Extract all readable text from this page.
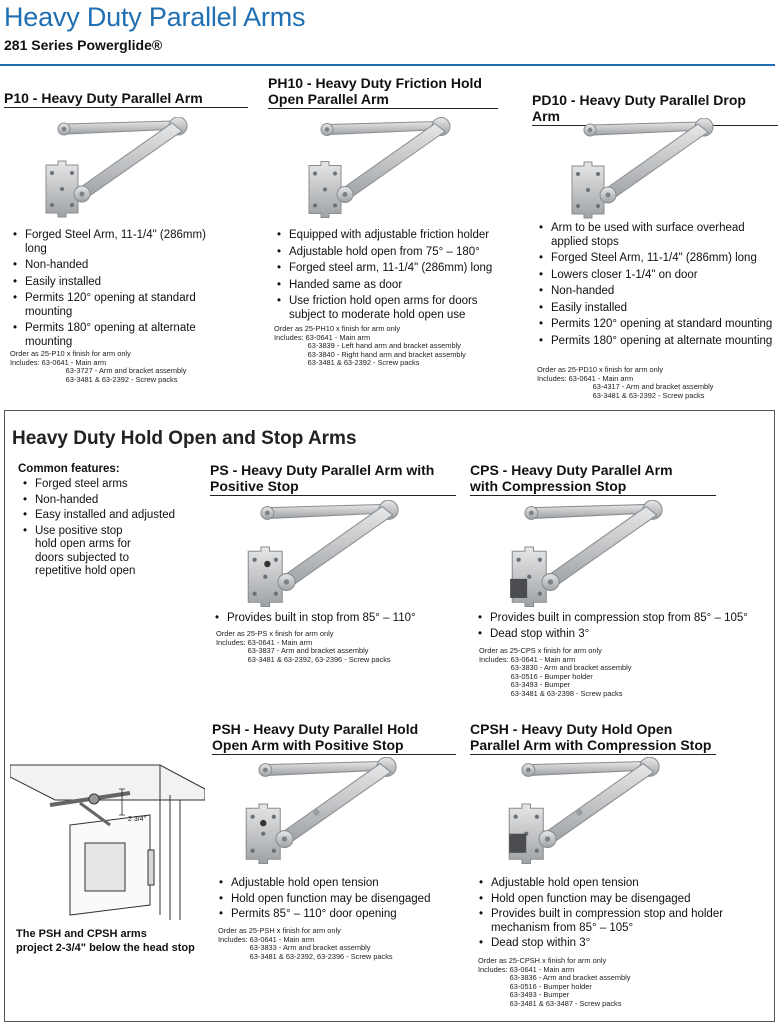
Heavy Duty Parallel Arms
281 Series Powerglide®
P10 - Heavy Duty Parallel Arm
• Forged Steel Arm, 11-1/4" (286mm) long
• Non-handed
• Easily installed
• Permits 120° opening at standard mounting
• Permits 180° opening at alternate mounting
Order as 25-P10 x finish for arm only
Includes:
63-0641 - Main arm
63-3727 - Arm and bracket assembly
63-3481 & 63-2392 - Screw packs
PH10 - Heavy Duty Friction Hold
Open Parallel Arm
• Equipped with adjustable friction holder
• Adjustable hold open from 75° – 180°
• Forged steel arm, 11-1/4" (286mm) long
• Handed same as door
• Use friction hold open arms for doors subject to moderate hold open use
Order as 25-PH10 x finish for arm only
Includes:
63-0641 - Main arm
63-3839 - Left hand arm and bracket assembly
63-3840 - Right hand arm and bracket assembly
63-3481 & 63-2392 - Screw packs
PD10 - Heavy Duty Parallel Drop
Arm
• Arm to be used with surface overhead applied stops
• Forged Steel Arm, 11-1/4" (286mm) long
• Lowers closer 1-1/4" on door
• Non-handed
• Easily installed
• Permits 120° opening at standard mounting
• Permits 180° opening at alternate mounting
Order as 25-PD10 x finish for arm only
Includes:
63-0641 - Main arm
63-4317 - Arm and bracket assembly
63-3481 & 63-2392 - Screw packs
Heavy Duty Hold Open and Stop Arms
Common features:
• Forged steel arms
• Non-handed
• Easy installed and adjusted
• Use positive stop hold open arms for doors subjected to repetitive hold open
PS - Heavy Duty Parallel Arm with
Positive Stop
• Provides built in stop from 85° – 110°
Order as 25-PS x finish for arm only
Includes:
63-0641 - Main arm
63-3837 - Arm and bracket assembly
63-3481 & 63-2392, 63-2396 - Screw packs
CPS - Heavy Duty Parallel Arm
with Compression Stop
• Provides built in compression stop from 85° – 105°
• Dead stop within 3°
Order as 25-CPS x finish for arm only
Includes:
63-0641 - Main arm
63-3830 - Arm and bracket assembly
63-0516 - Bumper holder
63-3493 - Bumper
63-3481 & 63-2398 - Screw packs
PSH - Heavy Duty Parallel Hold
Open Arm with Positive Stop
• Adjustable hold open tension
• Hold open function may be disengaged
• Permits 85° – 110° door opening
Order as 25-PSH x finish for arm only
Includes:
63-0641 - Main arm
63-3833 - Arm and bracket assembly
63-3481 & 63-2392, 63-2396 - Screw packs
CPSH - Heavy Duty Hold Open
Parallel Arm with Compression Stop
• Adjustable hold open tension
• Hold open function may be disengaged
• Provides built in compression stop and holder mechanism from 85° – 105°
• Dead stop within 3°
Order as 25-CPSH x finish for arm only
Includes:
63-0641 - Main arm
63-3836 - Arm and bracket assembly
63-0516 - Bumper holder
63-3493 - Bumper
63-3481 & 63-3487 - Screw packs
2 3/4"
The PSH and CPSH arms
project 2-3/4" below the head stop
